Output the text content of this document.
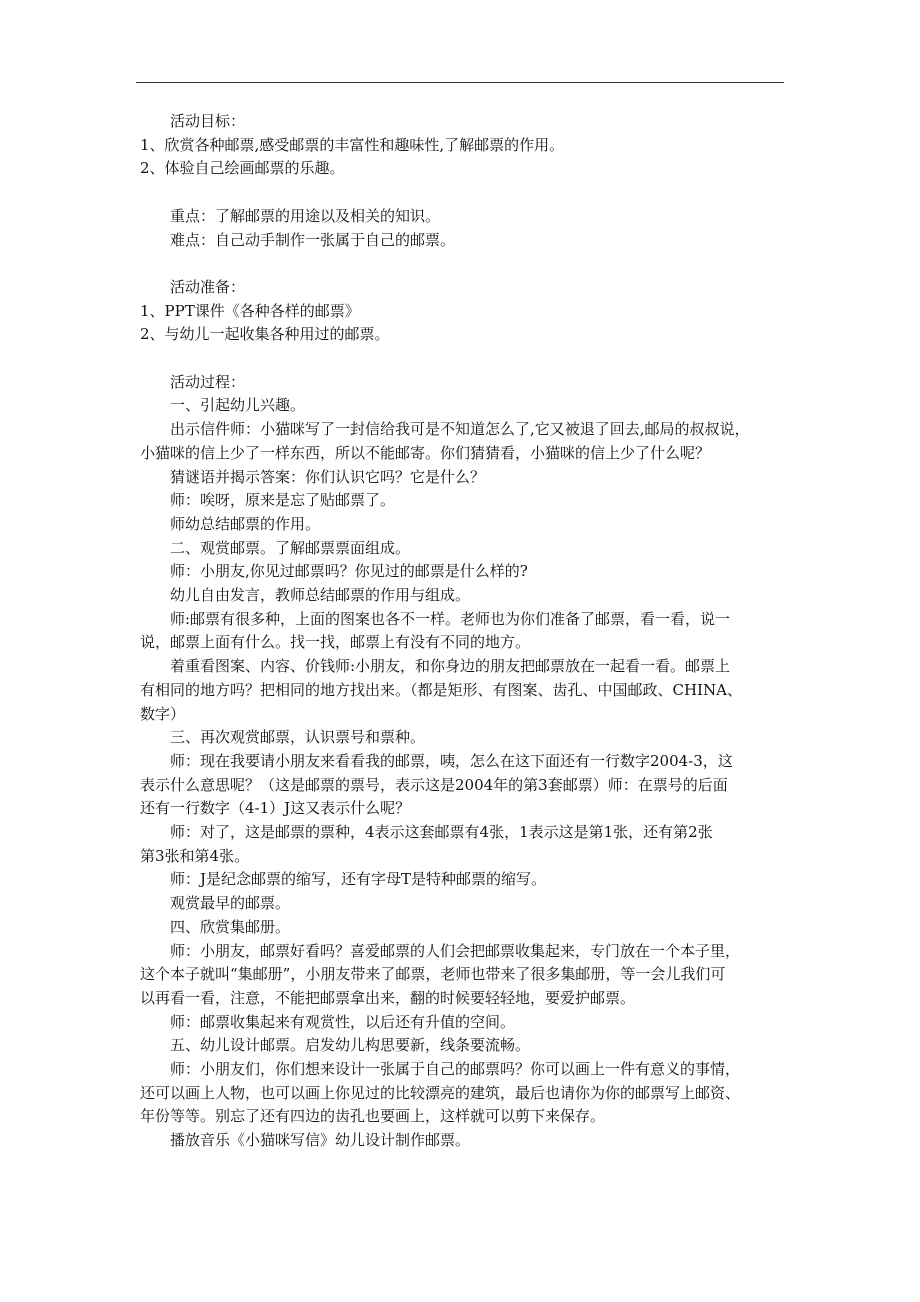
活动目标：

1、欣赏各种邮票,感受邮票的丰富性和趣味性,了解邮票的作用。

2、体验自己绘画邮票的乐趣。

重点：了解邮票的用途以及相关的知识。

难点：自己动手制作一张属于自己的邮票。

活动准备：

1、PPT课件《各种各样的邮票》

2、与幼儿一起收集各种用过的邮票。

活动过程：

一、引起幼儿兴趣。

出示信件师：小猫咪写了一封信给我可是不知道怎么了,它又被退了回去,邮局的叔叔说，

小猫咪的信上少了一样东西，所以不能邮寄。你们猜猜看，小猫咪的信上少了什么呢？

猜谜语并揭示答案：你们认识它吗？它是什么？

师：唉呀，原来是忘了贴邮票了。

师幼总结邮票的作用。

二、观赏邮票。了解邮票票面组成。

师：小朋友,你见过邮票吗？你见过的邮票是什么样的?

幼儿自由发言，教师总结邮票的作用与组成。

师:邮票有很多种，上面的图案也各不一样。老师也为你们准备了邮票，看一看，说一

说，邮票上面有什么。找一找，邮票上有没有不同的地方。

着重看图案、内容、价钱师:小朋友，和你身边的朋友把邮票放在一起看一看。邮票上

有相同的地方吗？把相同的地方找出来。（都是矩形、有图案、齿孔、中国邮政、CHINA、

数字）

三、再次观赏邮票，认识票号和票种。

师：现在我要请小朋友来看看我的邮票，咦，怎么在这下面还有一行数字2004-3，这

表示什么意思呢？（这是邮票的票号，表示这是2004年的第3套邮票）师：在票号的后面

还有一行数字（4-1）J这又表示什么呢？

师：对了，这是邮票的票种，4表示这套邮票有4张，1表示这是第1张，还有第2张

第3张和第4张。

师：J是纪念邮票的缩写，还有字母T是特种邮票的缩写。

观赏最早的邮票。

四、欣赏集邮册。

师：小朋友，邮票好看吗？喜爱邮票的人们会把邮票收集起来，专门放在一个本子里，

这个本子就叫“集邮册”，小朋友带来了邮票，老师也带来了很多集邮册，等一会儿我们可

以再看一看，注意，不能把邮票拿出来，翻的时候要轻轻地，要爱护邮票。

师：邮票收集起来有观赏性，以后还有升值的空间。

五、幼儿设计邮票。启发幼儿构思要新，线条要流畅。

师：小朋友们，你们想来设计一张属于自己的邮票吗？你可以画上一件有意义的事情，

还可以画上人物，也可以画上你见过的比较漂亮的建筑，最后也请你为你的邮票写上邮资、

年份等等。别忘了还有四边的齿孔也要画上，这样就可以剪下来保存。

播放音乐《小猫咪写信》幼儿设计制作邮票。
